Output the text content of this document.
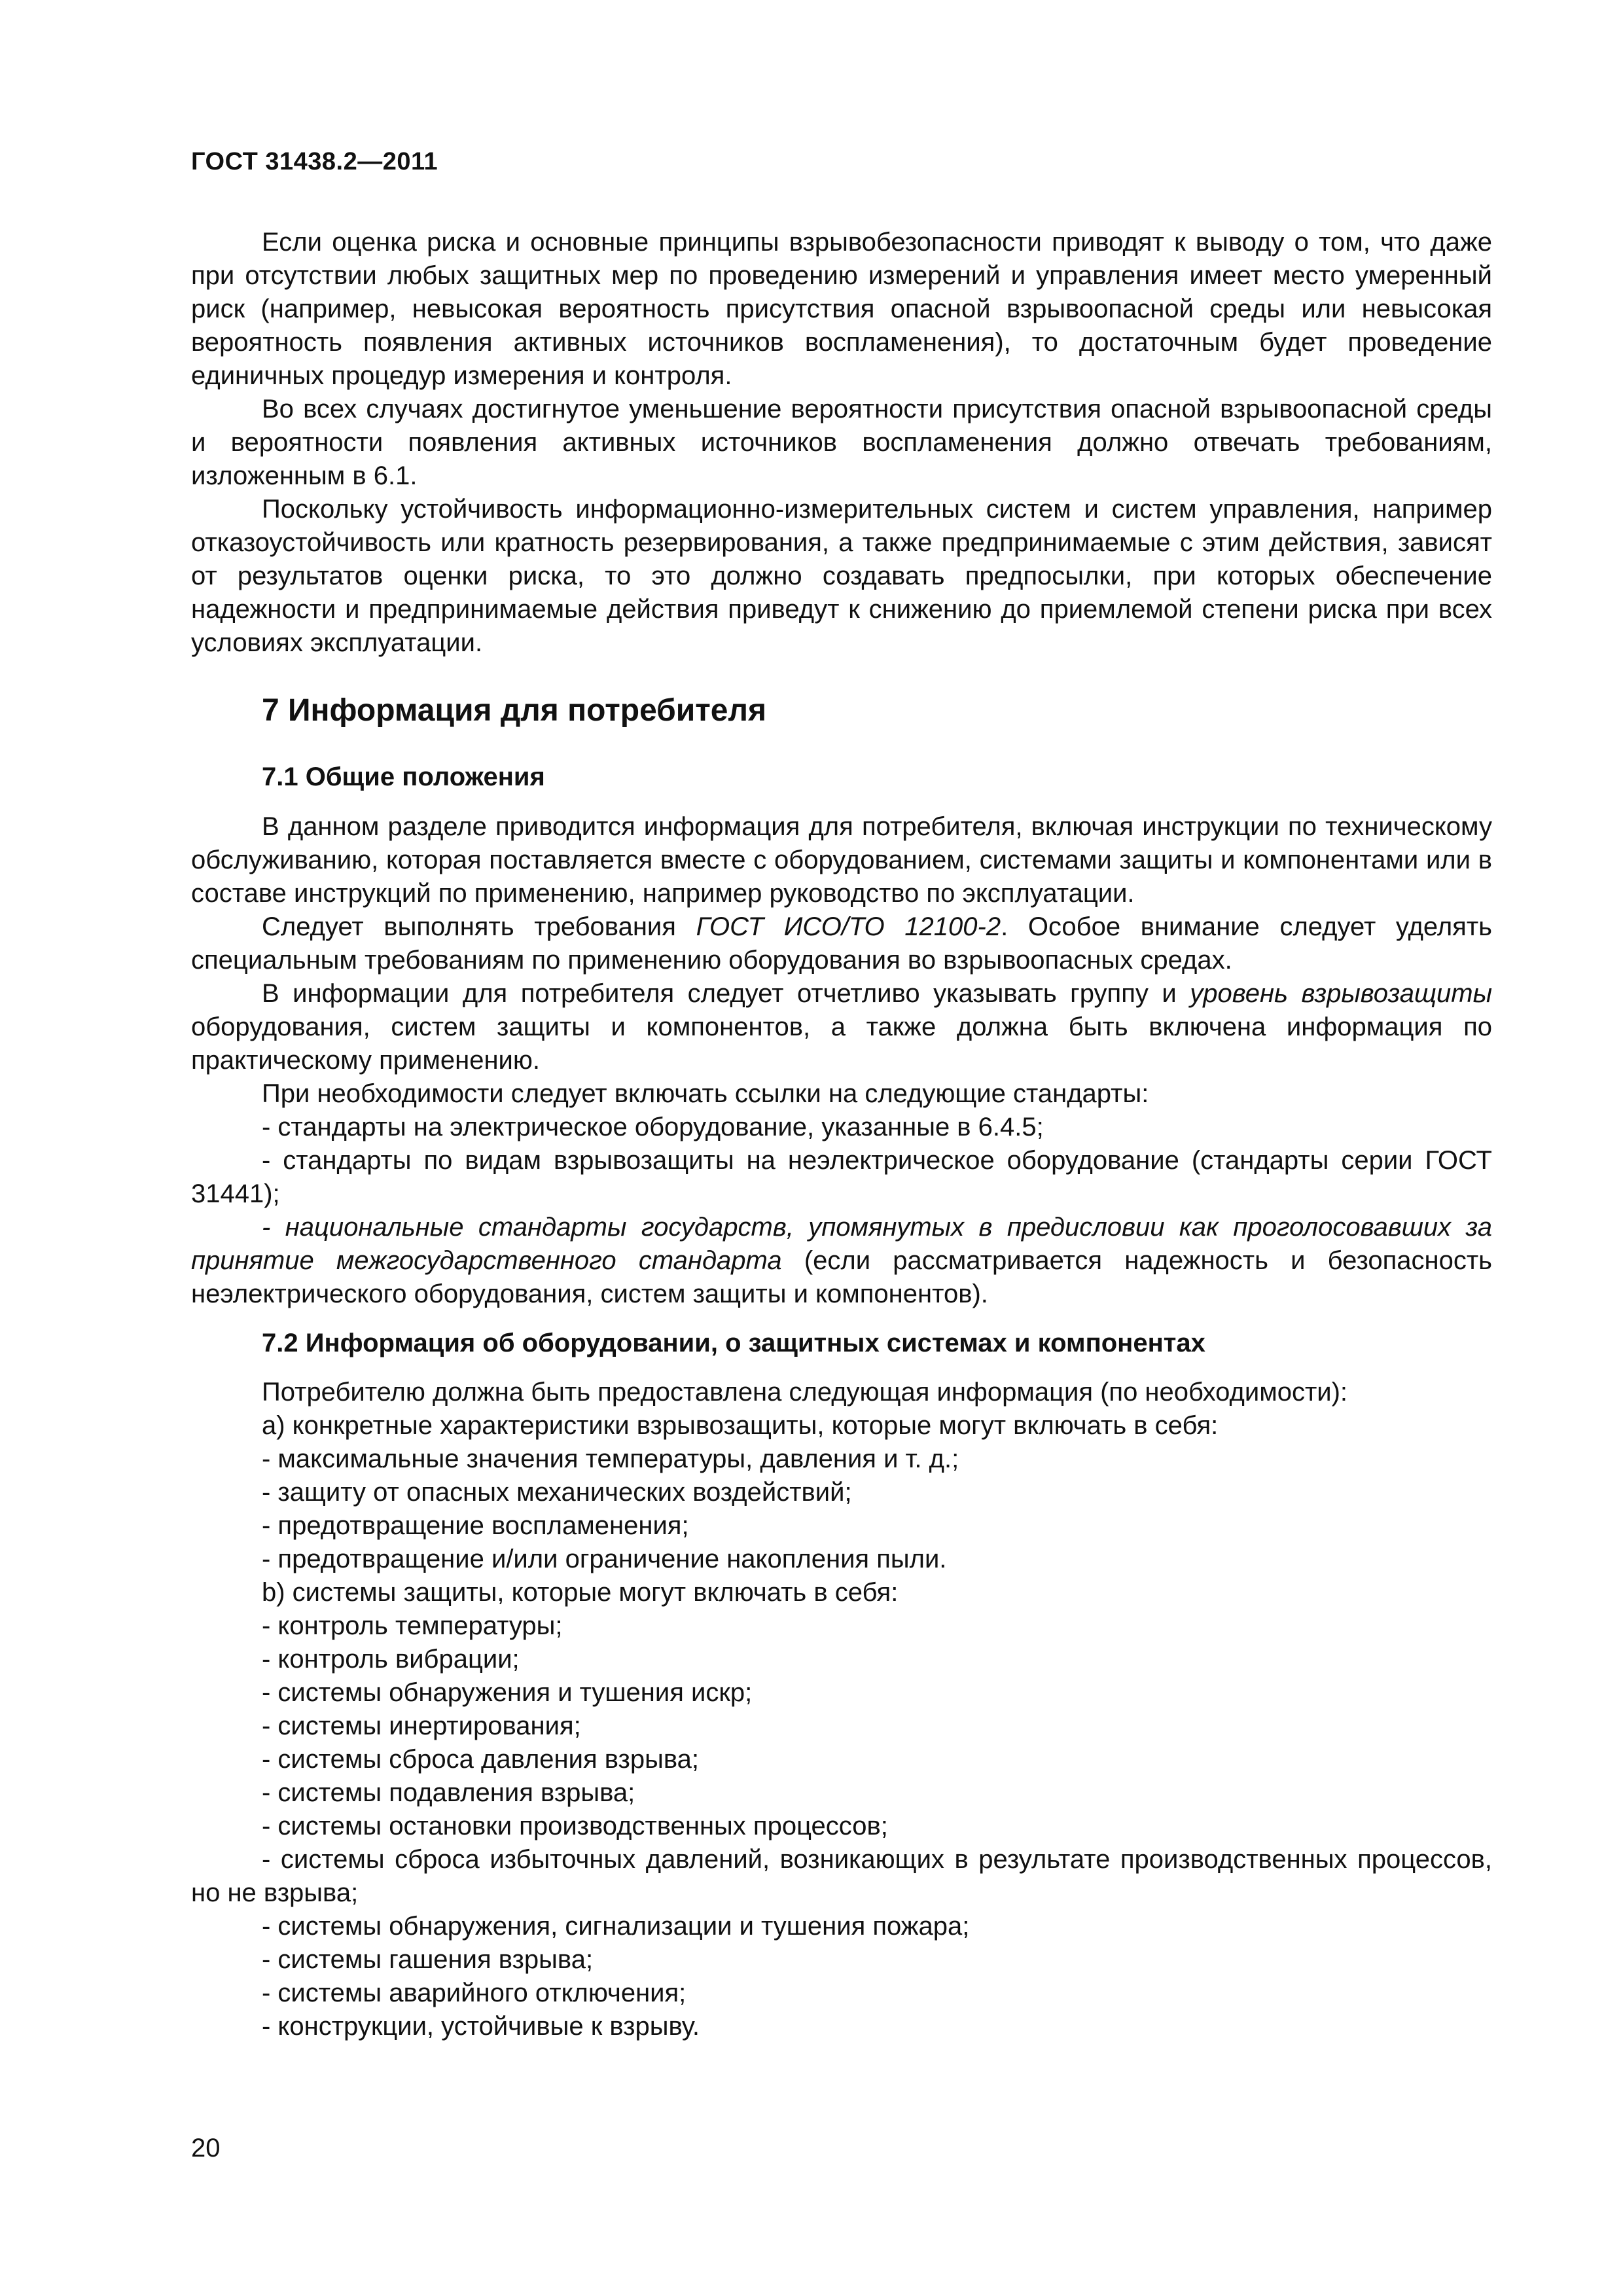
ГОСТ 31438.2—2011

Если оценка риска и основные принципы взрывобезопасности приводят к выводу о том, что даже при отсутствии любых защитных мер по проведению измерений и управления имеет место умеренный риск (например, невысокая вероятность присутствия опасной взрывоопасной среды или невысокая вероятность появления активных источников воспламенения), то достаточным будет проведение единичных процедур измерения и контроля.

Во всех случаях достигнутое уменьшение вероятности присутствия опасной взрывоопасной среды и вероятности появления активных источников воспламенения должно отвечать требованиям, изложенным в 6.1.

Поскольку устойчивость информационно-измерительных систем и систем управления, например отказоустойчивость или кратность резервирования, а также предпринимаемые с этим действия, зависят от результатов оценки риска, то это должно создавать предпосылки, при которых обеспечение надежности и предпринимаемые действия приведут к снижению до приемлемой степени риска при всех условиях эксплуатации.

7 Информация для потребителя
7.1 Общие положения

В данном разделе приводится информация для потребителя, включая инструкции по техническому обслуживанию, которая поставляется вместе с оборудованием, системами защиты и компонентами или в составе инструкций по применению, например руководство по эксплуатации.

Следует выполнять требования ГОСТ ИСО/ТО 12100-2. Особое внимание следует уделять специальным требованиям по применению оборудования во взрывоопасных средах.

В информации для потребителя следует отчетливо указывать группу и уровень взрывозащиты оборудования, систем защиты и компонентов, а также должна быть включена информация по практическому применению.

При необходимости следует включать ссылки на следующие стандарты:

- стандарты на электрическое оборудование, указанные в 6.4.5;

- стандарты по видам взрывозащиты на неэлектрическое оборудование (стандарты серии ГОСТ 31441);

- национальные стандарты государств, упомянутых в предисловии как проголосовавших за принятие межгосударственного стандарта (если рассматривается надежность и безопасность неэлектрического оборудования, систем защиты и компонентов).

7.2 Информация об оборудовании, о защитных системах и компонентах

Потребителю должна быть предоставлена следующая информация (по необходимости):

а) конкретные характеристики взрывозащиты, которые могут включать в себя:

- максимальные значения температуры, давления и т. д.;

- защиту от опасных механических воздействий;

- предотвращение воспламенения;

- предотвращение и/или ограничение накопления пыли.

b) системы защиты, которые могут включать в себя:

- контроль температуры;

- контроль вибрации;

- системы обнаружения и тушения искр;

- системы инертирования;

- системы сброса давления взрыва;

- системы подавления взрыва;

- системы остановки производственных процессов;

- системы сброса избыточных давлений, возникающих в результате производственных процессов, но не взрыва;

- системы обнаружения, сигнализации и тушения пожара;

- системы гашения взрыва;

- системы аварийного отключения;

- конструкции, устойчивые к взрыву.

20
